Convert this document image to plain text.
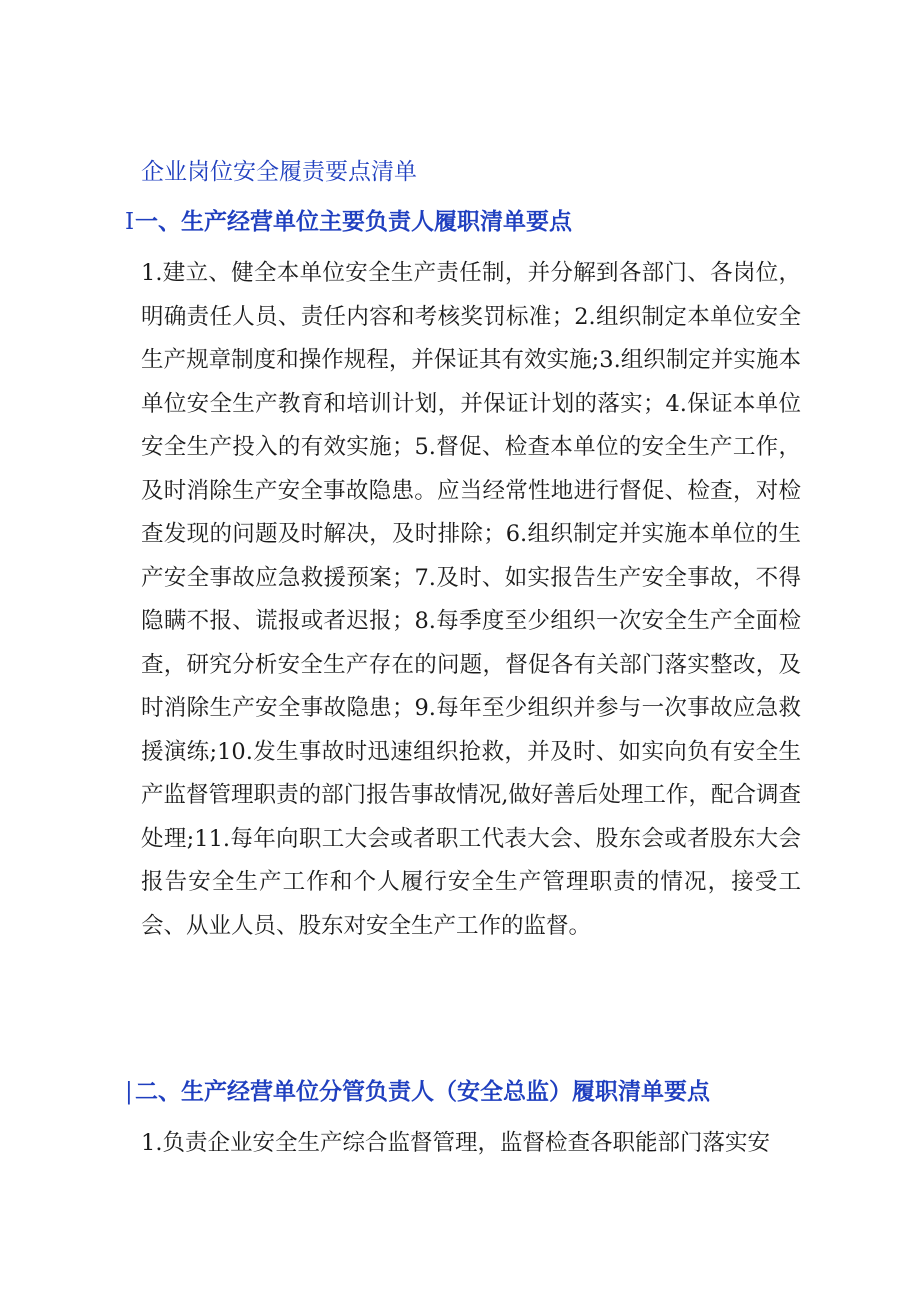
企业岗位安全履责要点清单
I一、生产经营单位主要负责人履职清单要点

1.建立、健全本单位安全生产责任制，并分解到各部门、各岗位，明确责任人员、责任内容和考核奖罚标准；2.组织制定本单位安全生产规章制度和操作规程，并保证其有效实施;3.组织制定并实施本单位安全生产教育和培训计划，并保证计划的落实；4.保证本单位安全生产投入的有效实施；5.督促、检查本单位的安全生产工作，及时消除生产安全事故隐患。应当经常性地进行督促、检查，对检查发现的问题及时解决，及时排除；6.组织制定并实施本单位的生产安全事故应急救援预案；7.及时、如实报告生产安全事故，不得隐瞒不报、谎报或者迟报；8.每季度至少组织一次安全生产全面检查，研究分析安全生产存在的问题，督促各有关部门落实整改，及时消除生产安全事故隐患；9.每年至少组织并参与一次事故应急救援演练;10.发生事故时迅速组织抢救，并及时、如实向负有安全生产监督管理职责的部门报告事故情况,做好善后处理工作，配合调查处理;11.每年向职工大会或者职工代表大会、股东会或者股东大会报告安全生产工作和个人履行安全生产管理职责的情况，接受工会、从业人员、股东对安全生产工作的监督。

|二、生产经营单位分管负责人（安全总监）履职清单要点

1.负责企业安全生产综合监督管理，监督检查各职能部门落实安
